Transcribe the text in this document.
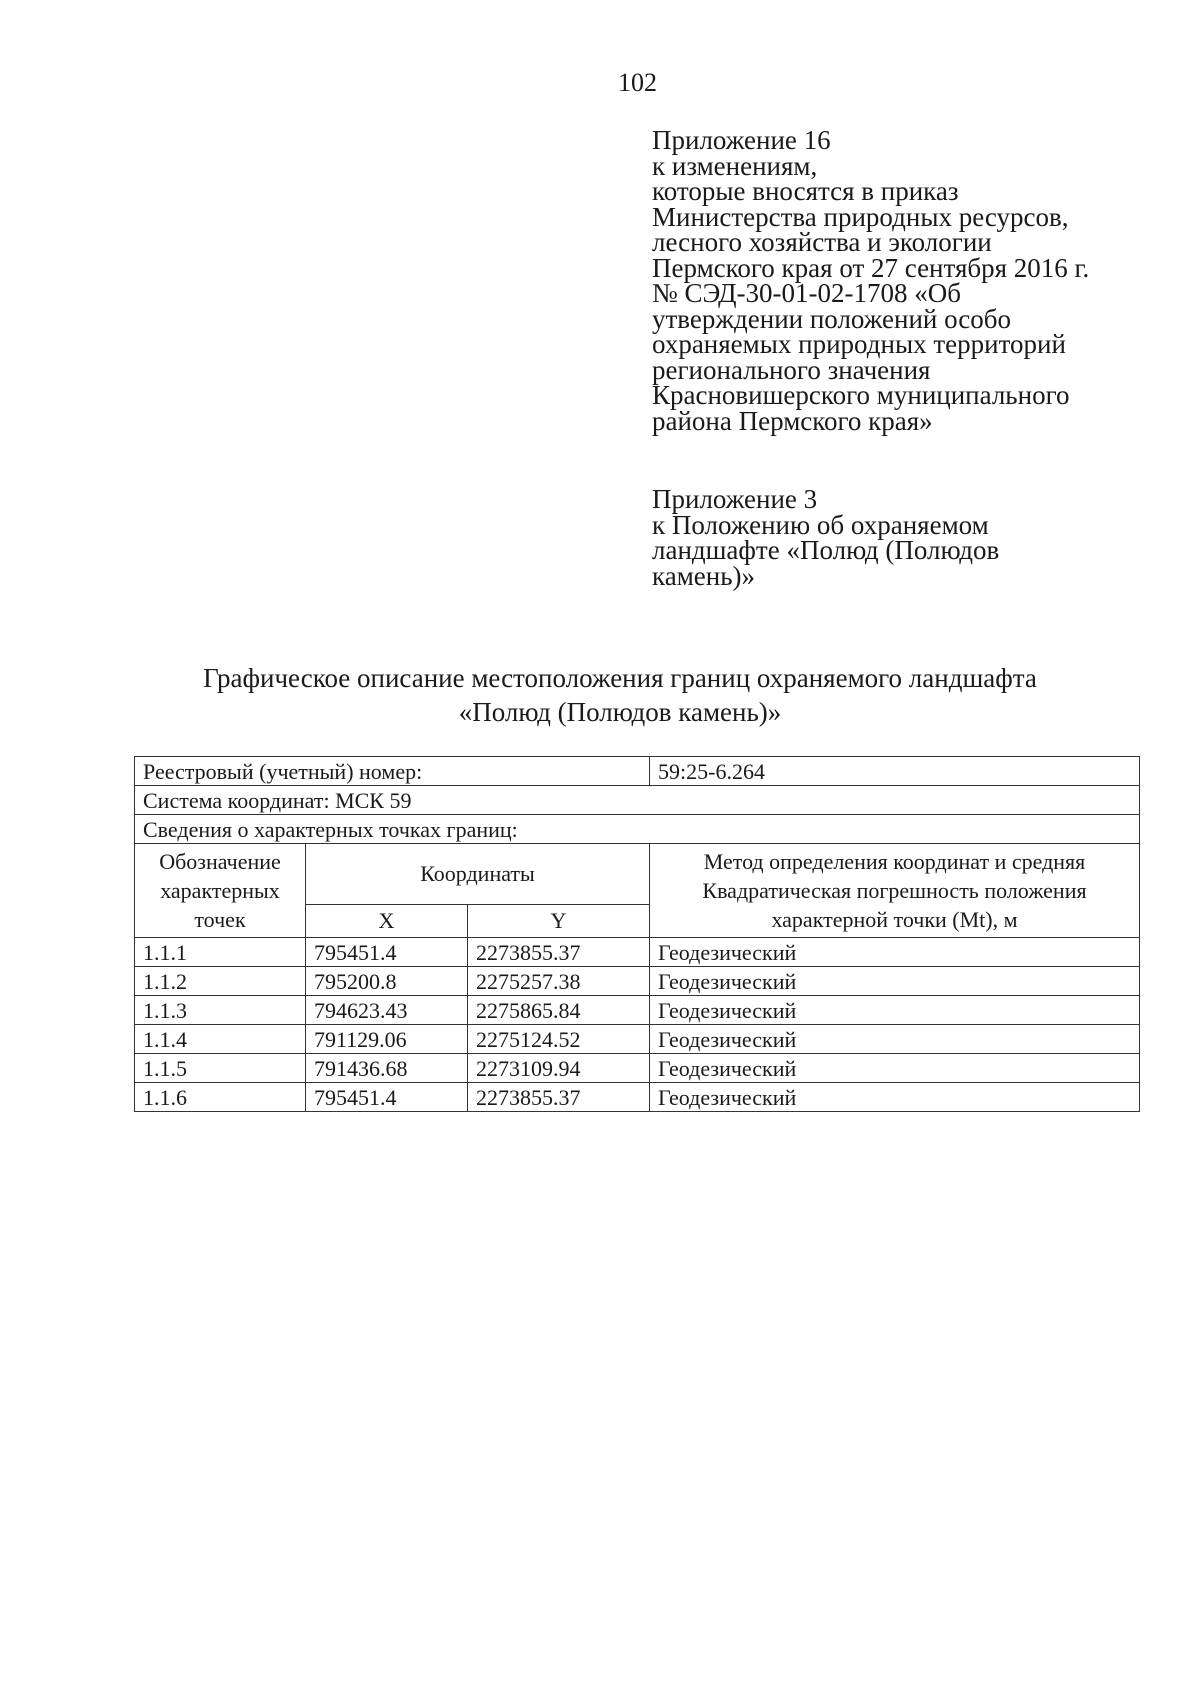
102
Приложение 16
к изменениям,
которые вносятся в приказ
Министерства природных ресурсов,
лесного хозяйства и экологии
Пермского края от 27 сентября 2016 г.
№ СЭД-30-01-02-1708 «Об
утверждении положений особо
охраняемых природных территорий
регионального значения
Красновишерского муниципального
района Пермского края»
Приложение 3
к Положению об охраняемом
ландшафте «Полюд (Полюдов
камень)»
Графическое описание местоположения границ охраняемого ландшафта
«Полюд (Полюдов камень)»
Реестровый (учетный) номер:			59:25-6.264
Система координат: МСК 59			
Сведения о характерных точках границ:			
Обозначение характерных точек	Координаты		Метод определения координат и средняя Квадратическая погрешность положения характерной точки (Mt), м
	X	Y	
1.1.1	795451.4	2273855.37	Геодезический
1.1.2	795200.8	2275257.38	Геодезический
1.1.3	794623.43	2275865.84	Геодезический
1.1.4	791129.06	2275124.52	Геодезический
1.1.5	791436.68	2273109.94	Геодезический
1.1.6	795451.4	2273855.37	Геодезический
